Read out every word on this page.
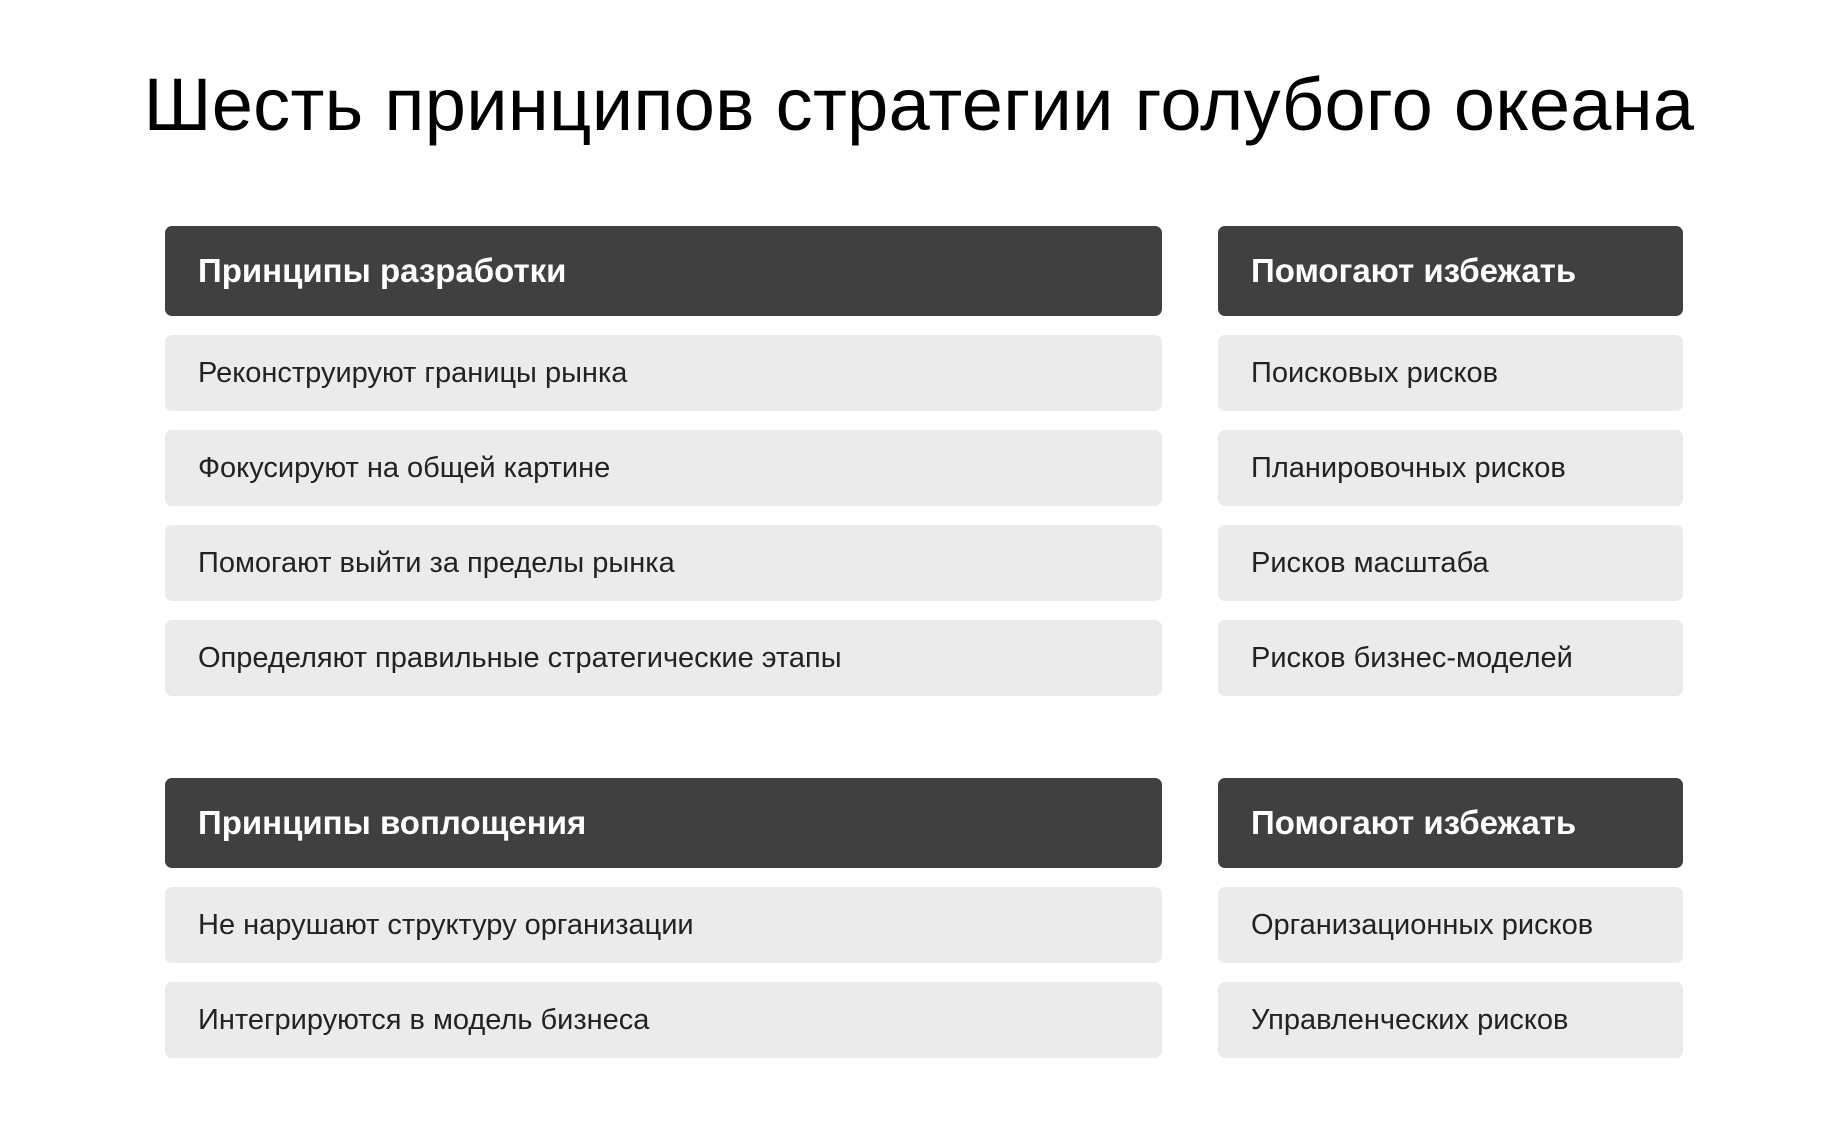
Шесть принципов стратегии голубого океана
Принципы разработки
Реконструируют границы рынка
Фокусируют на общей картине
Помогают выйти за пределы рынка
Определяют правильные стратегические этапы
Помогают избежать
Поисковых рисков
Планировочных рисков
Рисков масштаба
Рисков бизнес-моделей
Принципы воплощения
Не нарушают структуру организации
Интегрируются в модель бизнеса
Помогают избежать
Организационных рисков
Управленческих рисков
